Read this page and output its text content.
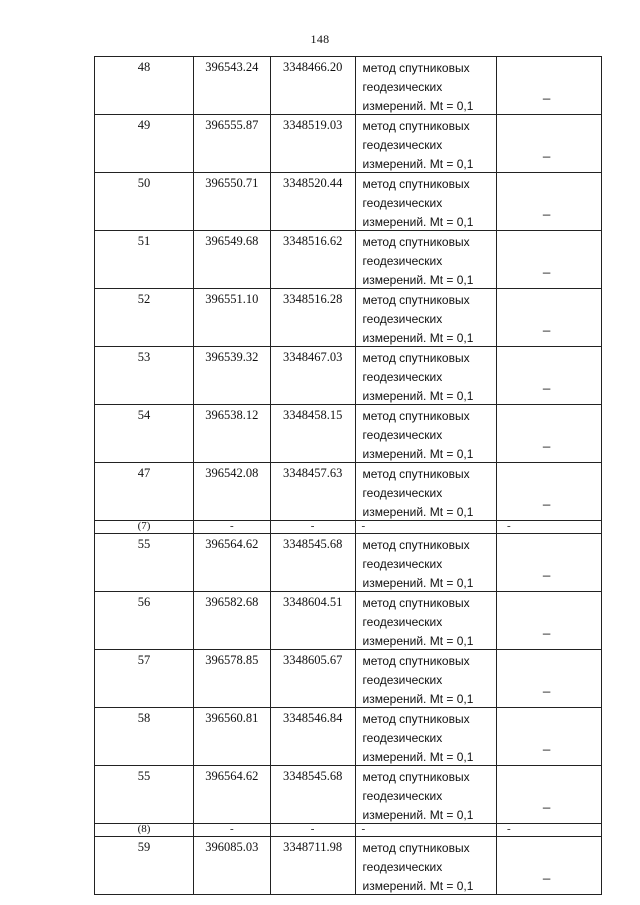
148
48	396543.24	3348466.20	метод спутниковых
геодезических
измерений. Mt = 0,1	_

49	396555.87	3348519.03	метод спутниковых
геодезических
измерений. Mt = 0,1	_

50	396550.71	3348520.44	метод спутниковых
геодезических
измерений. Mt = 0,1	_

51	396549.68	3348516.62	метод спутниковых
геодезических
измерений. Mt = 0,1	_

52	396551.10	3348516.28	метод спутниковых
геодезических
измерений. Mt = 0,1	_

53	396539.32	3348467.03	метод спутниковых
геодезических
измерений. Mt = 0,1	_

54	396538.12	3348458.15	метод спутниковых
геодезических
измерений. Mt = 0,1	_

47	396542.08	3348457.63	метод спутниковых
геодезических
измерений. Mt = 0,1	_

(7)	-	-	-	-

55	396564.62	3348545.68	метод спутниковых
геодезических
измерений. Mt = 0,1	_

56	396582.68	3348604.51	метод спутниковых
геодезических
измерений. Mt = 0,1	_

57	396578.85	3348605.67	метод спутниковых
геодезических
измерений. Mt = 0,1	_

58	396560.81	3348546.84	метод спутниковых
геодезических
измерений. Mt = 0,1	_

55	396564.62	3348545.68	метод спутниковых
геодезических
измерений. Mt = 0,1	_

(8)	-	-	-	-

59	396085.03	3348711.98	метод спутниковых
геодезических
измерений. Mt = 0,1	_
